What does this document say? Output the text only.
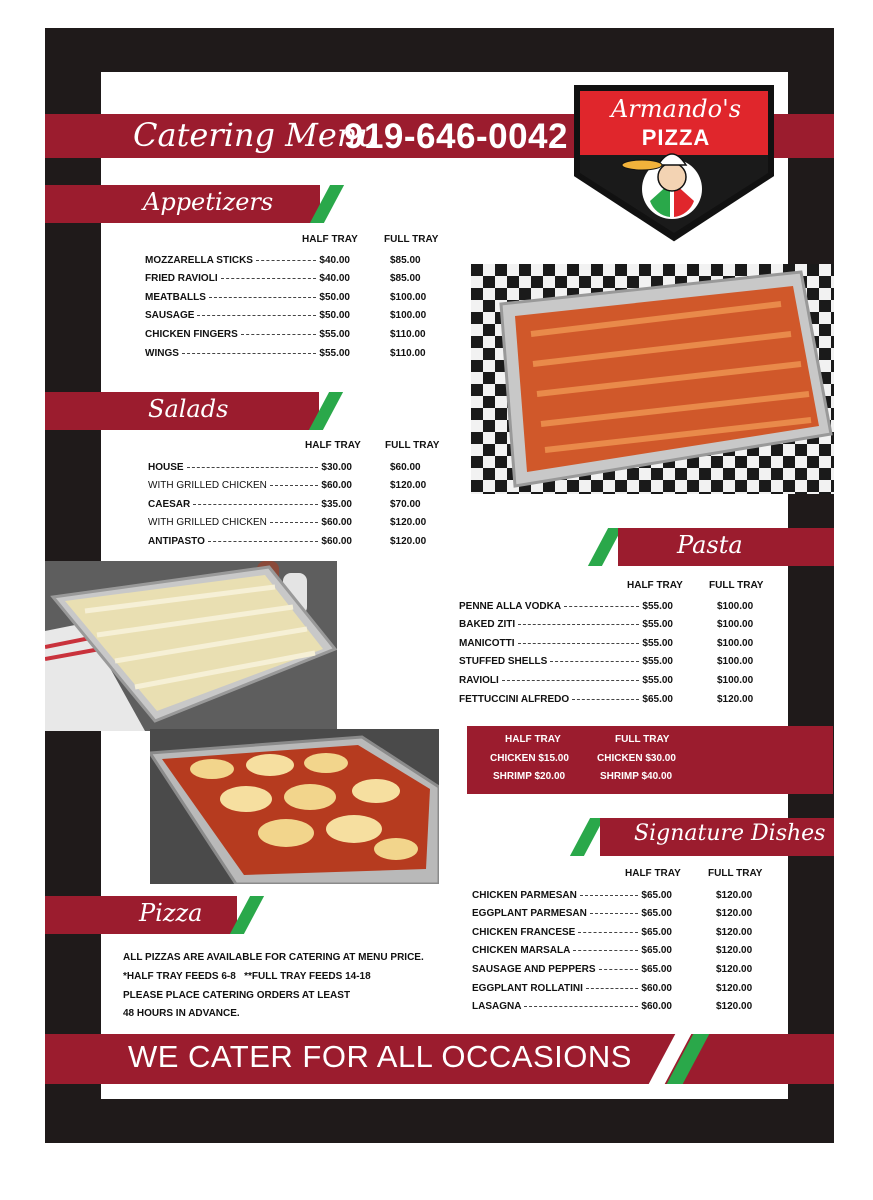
Catering Menu
919-646-0042
Armando's
PIZZA
Appetizers
HALF TRAY	FULL TRAY
MOZZARELLA STICKS	$40.00	$85.00
FRIED RAVIOLI	$40.00	$85.00
MEATBALLS	$50.00	$100.00
SAUSAGE	$50.00	$100.00
CHICKEN FINGERS	$55.00	$110.00
WINGS	$55.00	$110.00
Salads
HALF TRAY FULL TRAY
HOUSE	$30.00	$60.00
WITH GRILLED CHICKEN	$60.00	$120.00
CAESAR	$35.00	$70.00
WITH GRILLED CHICKEN	$60.00	$120.00
ANTIPASTO	$60.00	$120.00	Pasta
HALF TRAY	FULL TRAY
PENNE ALLA VODKA	$55.00	$100.00
BAKED ZITI	$55.00	$100.00
MANICOTTI	$55.00	$100.00
STUFFED SHELLS	$55.00	$100.00
RAVIOLI	$55.00	$100.00
FETTUCCINI ALFREDO	$65.00	$120.00
HALF TRAY	FULL TRAY
CHICKEN $15.00	CHICKEN $30.00
SHRIMP $20.00	SHRIMP $40.00
Signature Dishes
HALF TRAY	FULL TRAY
CHICKEN PARMESAN	$65.00	$120.00
EGGPLANT PARMESAN	$65.00	$120.00
CHICKEN FRANCESE	$65.00	$120.00
CHICKEN MARSALA	$65.00	$120.00
SAUSAGE AND PEPPERS	$65.00	$120.00
EGGPLANT ROLLATINI	$60.00	$120.00
LASAGNA	$60.00	$120.00
Pizza
ALL PIZZAS ARE AVAILABLE FOR CATERING AT MENU PRICE.
*HALF TRAY FEEDS 6-8   **FULL TRAY FEEDS 14-18
PLEASE PLACE CATERING ORDERS AT LEAST
48 HOURS IN ADVANCE.
WE CATER FOR ALL OCCASIONS
